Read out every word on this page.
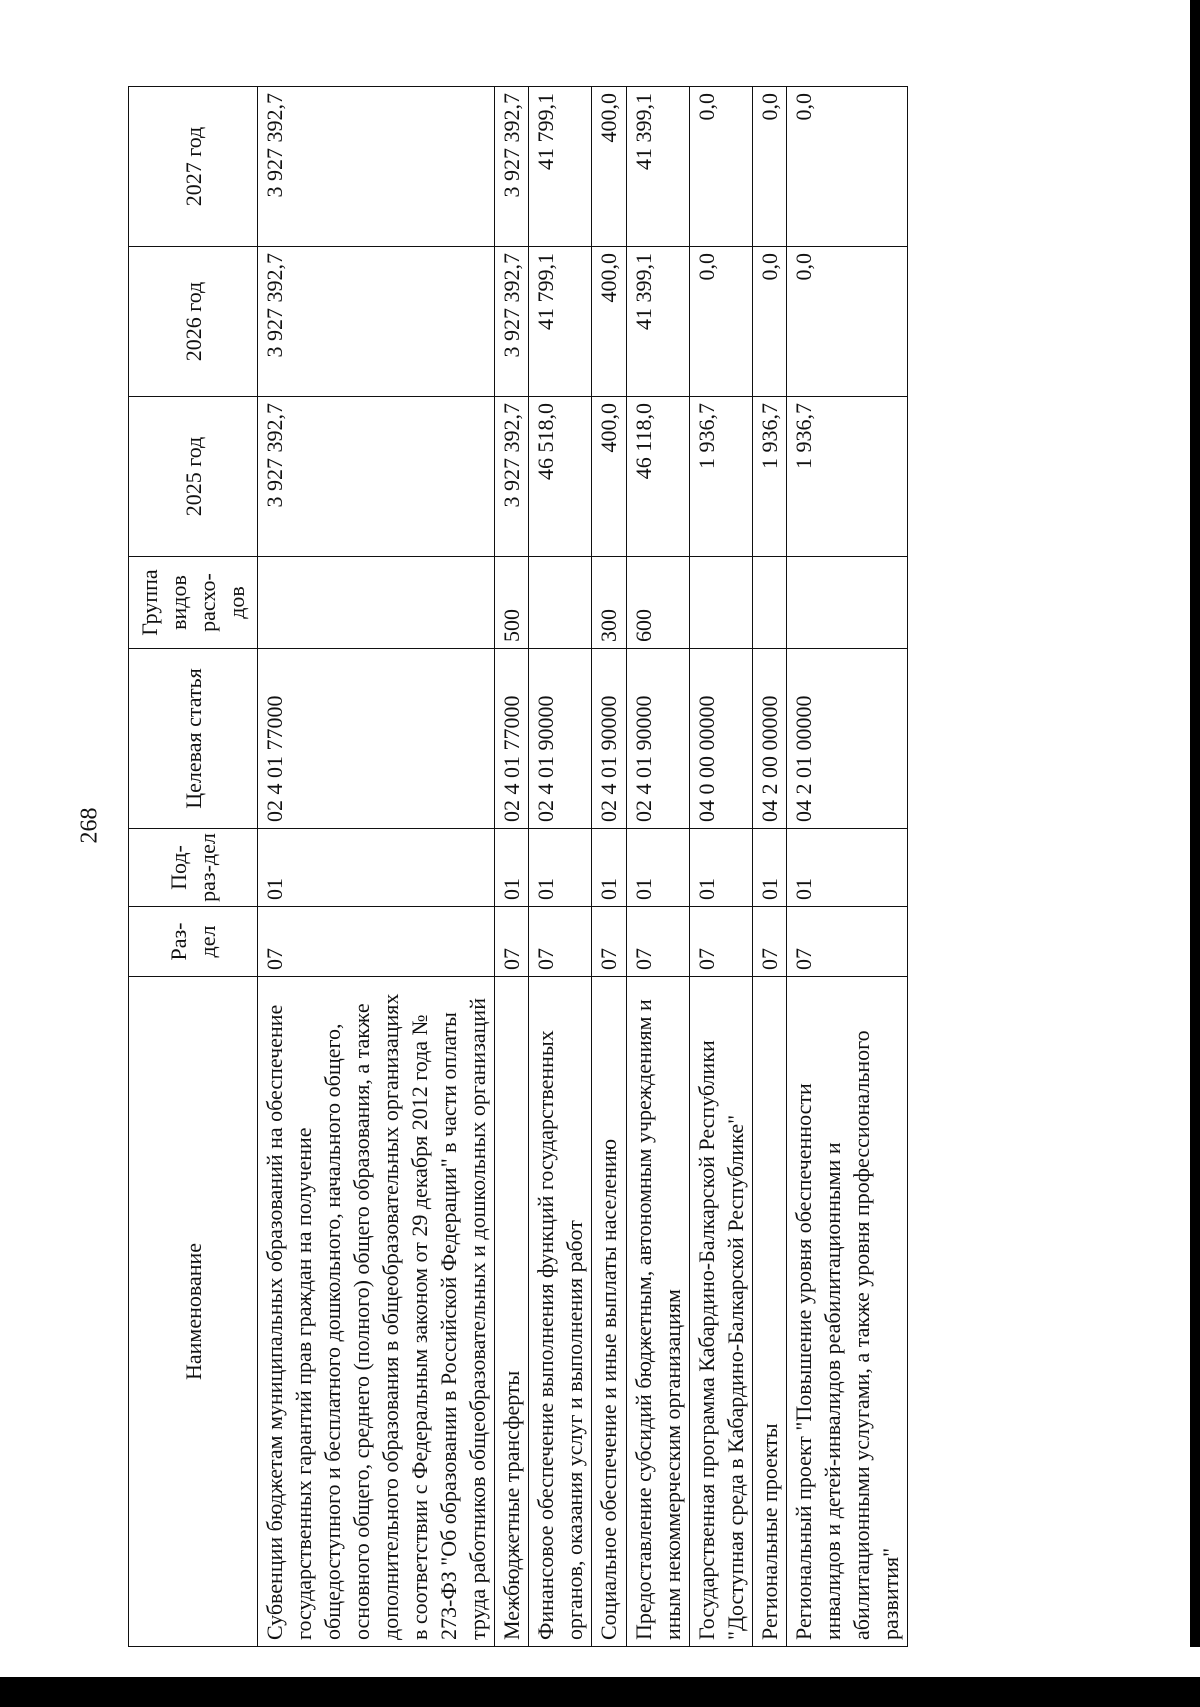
268
Наименование	Раз-дел	Под-раз-дел	Целевая статья	Группа видов расхо-дов	2025 год	2026 год	2027 год
Субвенции бюджетам муниципальных образований на обеспечение государственных гарантий прав граждан на получение общедоступного и бесплатного дошкольного, начального общего, основного общего, среднего (полного) общего образования, а также дополнительного образования в общеобразовательных организациях в соответствии с Федеральным законом от 29 декабря 2012 года № 273-ФЗ "Об образовании в Российской Федерации" в части оплаты труда работников общеобразовательных и дошкольных организаций	07	01	02 4 01 77000		3 927 392,7	3 927 392,7	3 927 392,7
Межбюджетные трансферты	07	01	02 4 01 77000	500	3 927 392,7	3 927 392,7	3 927 392,7
Финансовое обеспечение выполнения функций государственных органов, оказания услуг и выполнения работ	07	01	02 4 01 90000		46 518,0	41 799,1	41 799,1
Социальное обеспечение и иные выплаты населению	07	01	02 4 01 90000	300	400,0	400,0	400,0
Предоставление субсидий бюджетным, автономным учреждениям и иным некоммерческим организациям	07	01	02 4 01 90000	600	46 118,0	41 399,1	41 399,1
Государственная программа Кабардино-Балкарской Республики "Доступная среда в Кабардино-Балкарской Республике"	07	01	04 0 00 00000		1 936,7	0,0	0,0
Региональные проекты	07	01	04 2 00 00000		1 936,7	0,0	0,0
Региональный проект "Повышение уровня обеспеченности инвалидов и детей-инвалидов реабилитационными и абилитационными услугами, а также уровня профессионального развития"	07	01	04 2 01 00000		1 936,7	0,0	0,0
